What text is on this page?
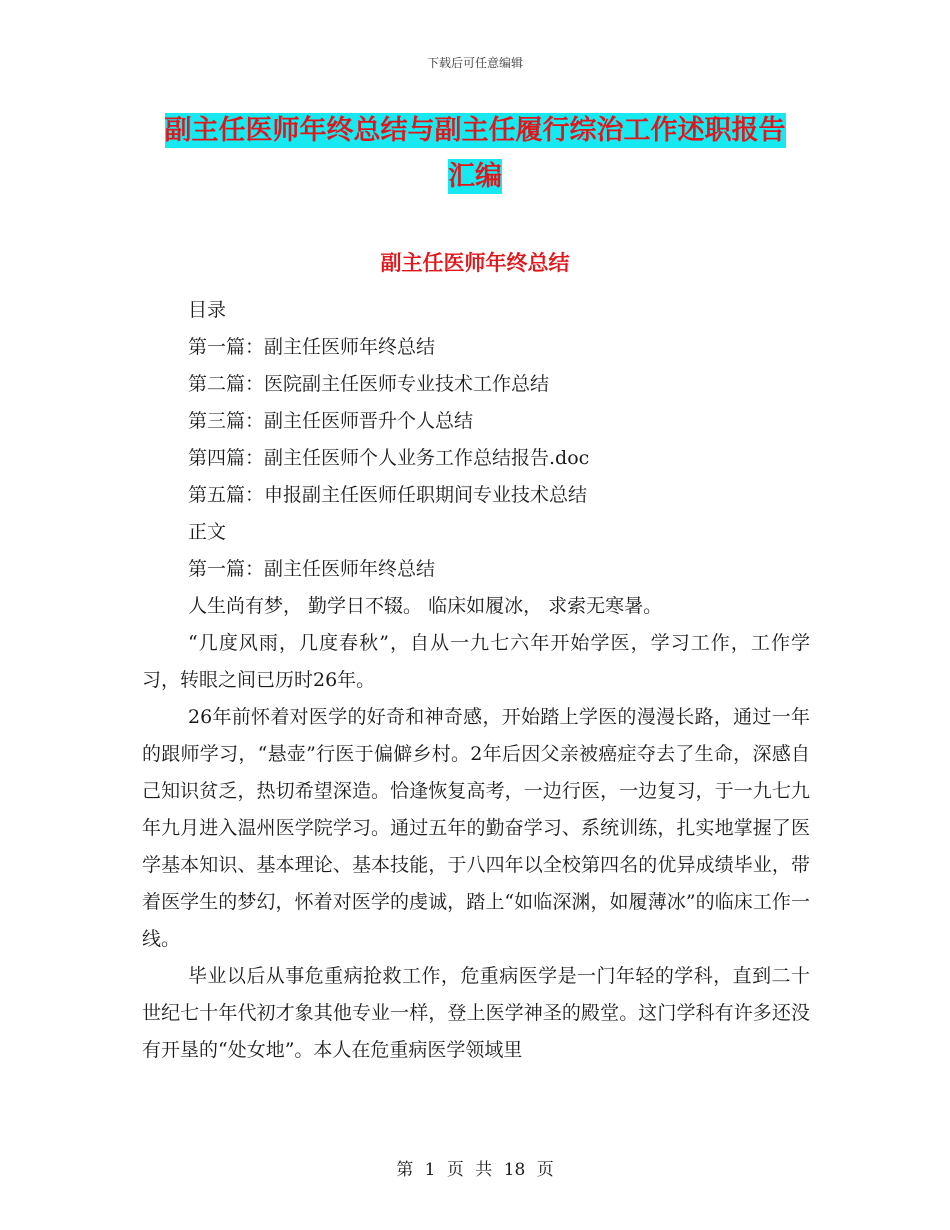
下载后可任意编辑
副主任医师年终总结与副主任履行综治工作述职报告
汇编
副主任医师年终总结

目录

第一篇：副主任医师年终总结

第二篇：医院副主任医师专业技术工作总结

第三篇：副主任医师晋升个人总结

第四篇：副主任医师个人业务工作总结报告.doc

第五篇：申报副主任医师任职期间专业技术总结

正文

第一篇：副主任医师年终总结

人生尚有梦， 勤学日不辍。 临床如履冰， 求索无寒暑。

“几度风雨，几度春秋”，自从一九七六年开始学医，学习工作，工作学习，转眼之间已历时26年。

26年前怀着对医学的好奇和神奇感，开始踏上学医的漫漫长路，通过一年的跟师学习，“悬壶”行医于偏僻乡村。2年后因父亲被癌症夺去了生命，深感自己知识贫乏，热切希望深造。恰逢恢复高考，一边行医，一边复习，于一九七九年九月进入温州医学院学习。通过五年的勤奋学习、系统训练，扎实地掌握了医学基本知识、基本理论、基本技能，于八四年以全校第四名的优异成绩毕业，带着医学生的梦幻，怀着对医学的虔诚，踏上“如临深渊，如履薄冰”的临床工作一线。

毕业以后从事危重病抢救工作，危重病医学是一门年轻的学科，直到二十世纪七十年代初才象其他专业一样，登上医学神圣的殿堂。这门学科有许多还没有开垦的“处女地”。本人在危重病医学领域里

第 1 页 共 18 页
